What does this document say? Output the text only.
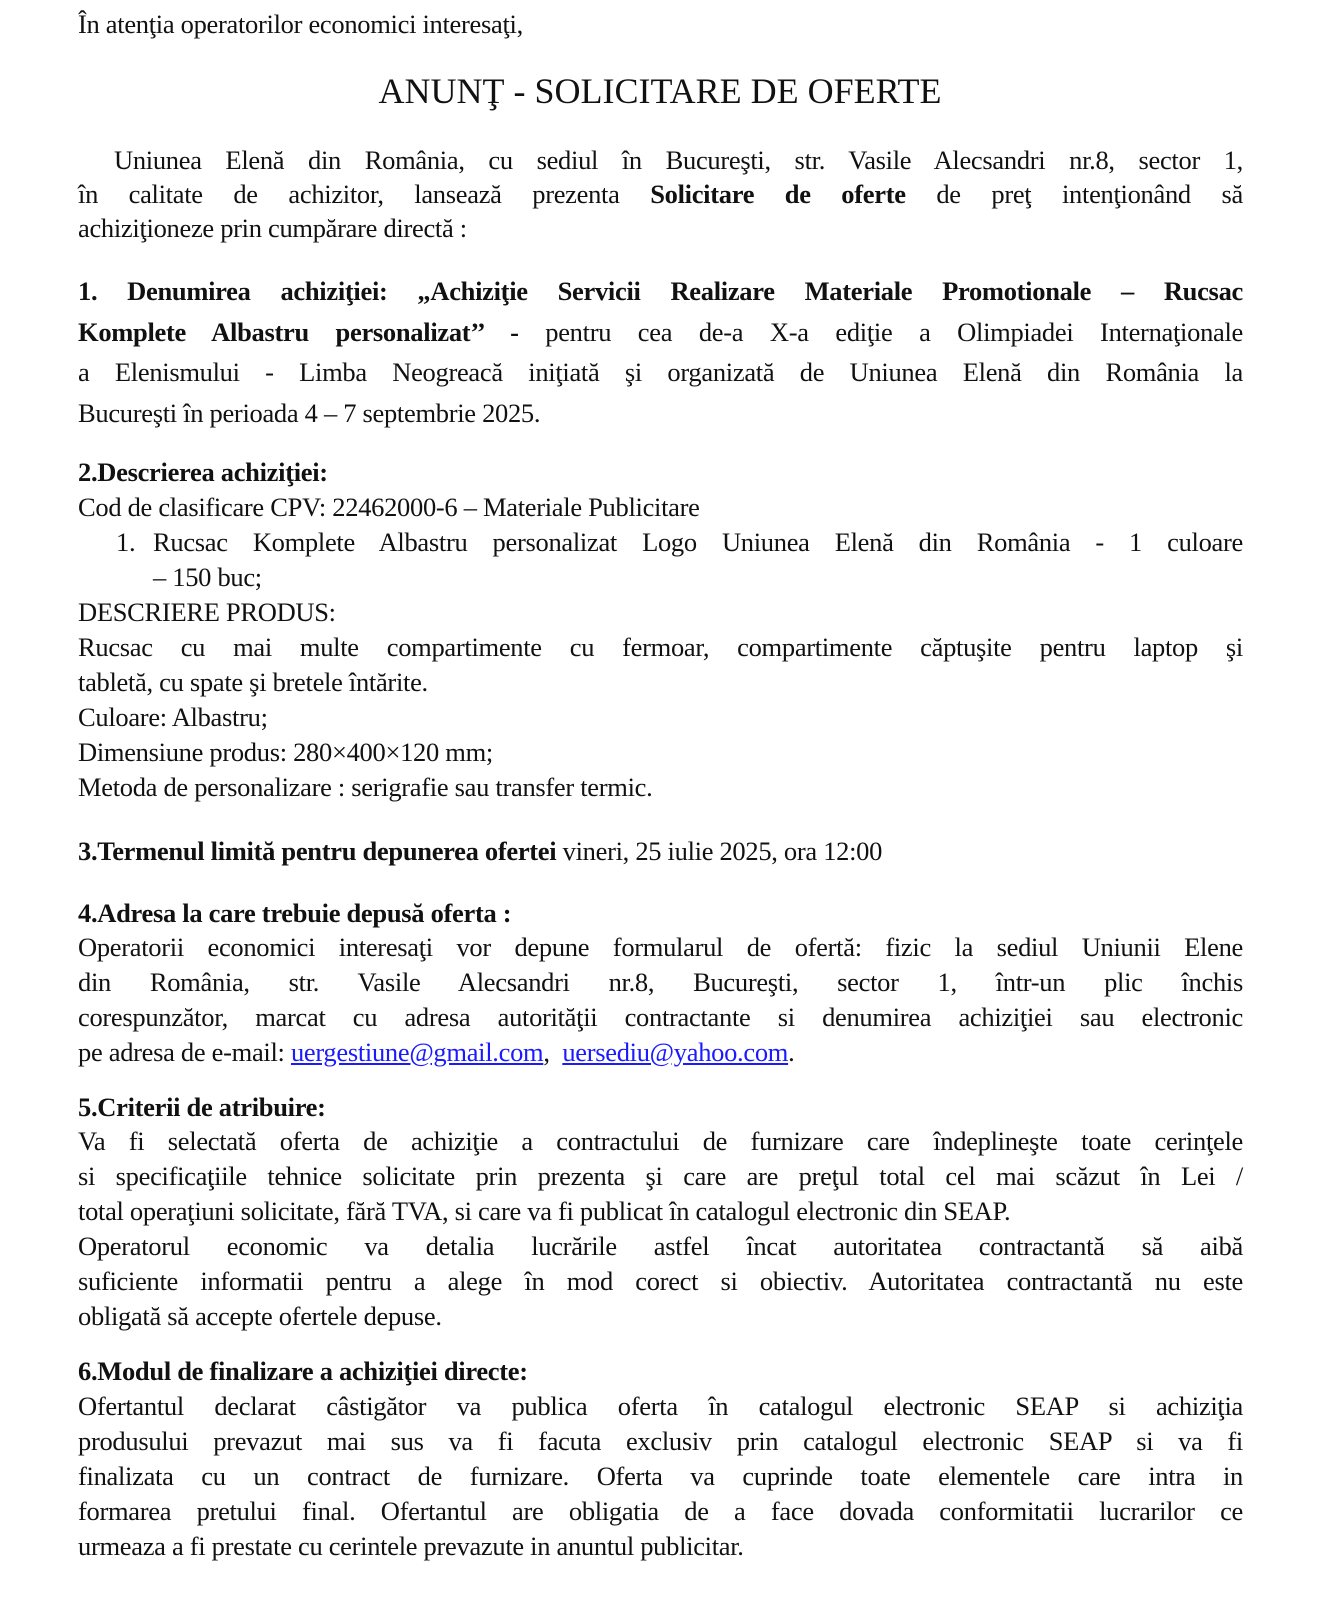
În atenţia operatorilor economici interesaţi,
ANUNŢ - SOLICITARE DE OFERTE
Uniunea Elenă din România, cu sediul în Bucureşti, str. Vasile Alecsandri nr.8, sector 1,
în calitate de achizitor, lansează prezenta Solicitare de oferte de preţ intenţionând să
achiziţioneze prin cumpărare directă :
1. Denumirea achiziţiei: „Achiziţie Servicii Realizare Materiale Promotionale – Rucsac
Komplete Albastru personalizat’’ - pentru cea de-a X-a ediţie a Olimpiadei Internaţionale
a Elenismului - Limba Neogreacă iniţiată şi organizată de Uniunea Elenă din România la
Bucureşti în perioada 4 – 7 septembrie 2025.
2.Descrierea achiziţiei:
Cod de clasificare CPV: 22462000-6 – Materiale Publicitare
1. Rucsac Komplete Albastru personalizat Logo Uniunea Elenă din România - 1 culoare
– 150 buc;
DESCRIERE PRODUS:
Rucsac cu mai multe compartimente cu fermoar, compartimente căptuşite pentru laptop şi
tabletă, cu spate şi bretele întărite.
Culoare: Albastru;
Dimensiune produs: 280×400×120 mm;
Metoda de personalizare : serigrafie sau transfer termic.
3.Termenul limită pentru depunerea ofertei vineri, 25 iulie 2025, ora 12:00
4.Adresa la care trebuie depusă oferta :
Operatorii economici interesaţi vor depune formularul de ofertă: fizic la sediul Uniunii Elene
din România, str. Vasile Alecsandri nr.8, Bucureşti, sector 1, într-un plic închis
corespunzător, marcat cu adresa autorităţii contractante si denumirea achiziţiei sau electronic
pe adresa de e-mail: uergestiune@gmail.com, uersediu@yahoo.com.
5.Criterii de atribuire:
Va fi selectată oferta de achiziţie a contractului de furnizare care îndeplineşte toate cerinţele
si specificaţiile tehnice solicitate prin prezenta şi care are preţul total cel mai scăzut în Lei /
total operaţiuni solicitate, fără TVA, si care va fi publicat în catalogul electronic din SEAP.
Operatorul economic va detalia lucrările astfel încat autoritatea contractantă să aibă
suficiente informatii pentru a alege în mod corect si obiectiv. Autoritatea contractantă nu este
obligată să accepte ofertele depuse.
6.Modul de finalizare a achiziţiei directe:
Ofertantul declarat câstigător va publica oferta în catalogul electronic SEAP si achiziţia
produsului prevazut mai sus va fi facuta exclusiv prin catalogul electronic SEAP si va fi
finalizata cu un contract de furnizare. Oferta va cuprinde toate elementele care intra in
formarea pretului final. Ofertantul are obligatia de a face dovada conformitatii lucrarilor ce
urmeaza a fi prestate cu cerintele prevazute in anuntul publicitar.
